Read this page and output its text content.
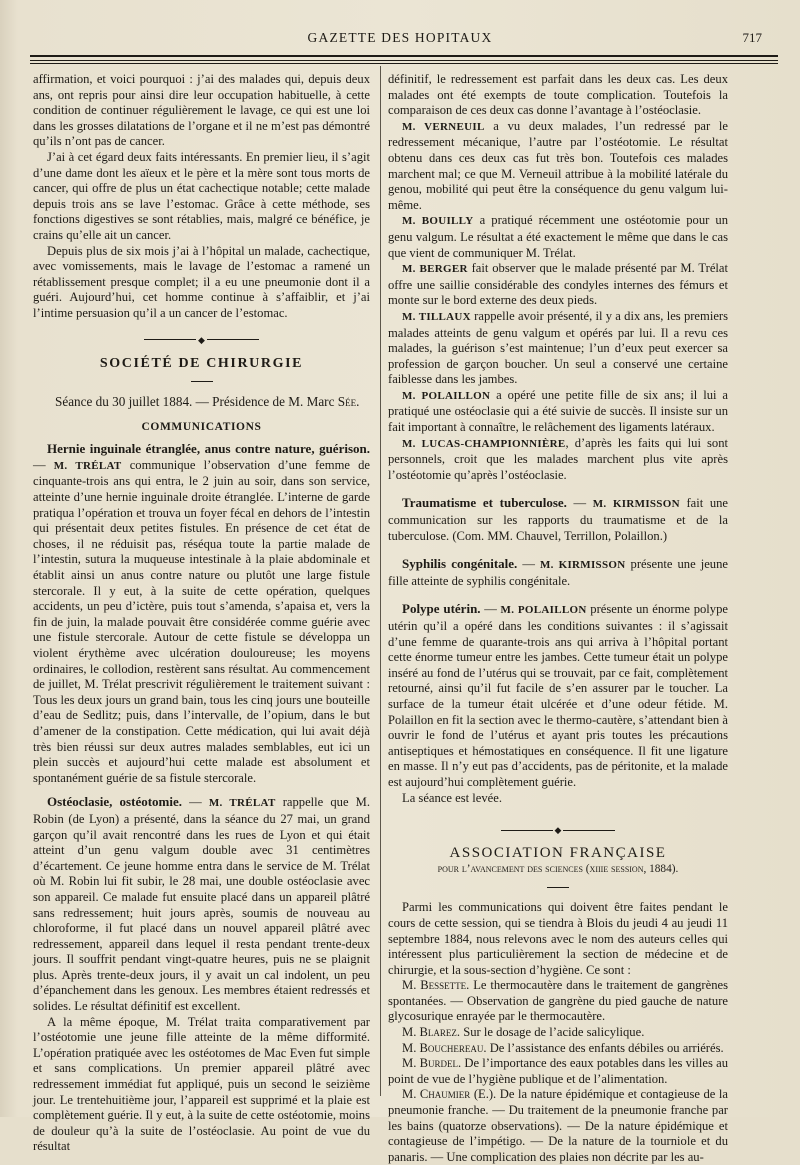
GAZETTE DES HOPITAUX	717

affirmation, et voici pourquoi : j’ai des malades qui, depuis deux ans, ont repris pour ainsi dire leur occupation habituelle, à cette condition de continuer régulièrement le lavage, ce qui est une loi dans les grosses dilatations de l’organe et il ne m’est pas démontré qu’ils n’ont pas de cancer.

J’ai à cet égard deux faits intéressants. En premier lieu, il s’agit d’une dame dont les aïeux et le père et la mère sont tous morts de cancer, qui offre de plus un état cachectique notable; cette malade depuis trois ans se lave l’estomac. Grâce à cette méthode, ses fonctions digestives se sont rétablies, mais, malgré ce bénéfice, je crains qu’elle ait un cancer.

Depuis plus de six mois j’ai à l’hôpital un malade, cachectique, avec vomissements, mais le lavage de l’estomac a ramené un rétablissement presque complet; il a eu une pneumonie dont il a guéri. Aujourd’hui, cet homme continue à s’affaiblir, et j’ai l’intime persuasion qu’il a un cancer de l’estomac.

◆

SOCIÉTÉ DE CHIRURGIE

Séance du 30 juillet 1884. — Présidence de M. Marc Sée.

COMMUNICATIONS

Hernie inguinale étranglée, anus contre nature, guérison. — M. TRÉLAT communique l’observation d’une femme de cinquante-trois ans qui entra, le 2 juin au soir, dans son service, atteinte d’une hernie inguinale droite étranglée. L’interne de garde pratiqua l’opération et trouva un foyer fécal en dehors de l’intestin qui présentait deux petites fistules. En présence de cet état de choses, il ne réduisit pas, réséqua toute la partie malade de l’intestin, sutura la muqueuse intestinale à la plaie abdominale et établit ainsi un anus contre nature ou plutôt une large fistule stercorale. Il y eut, à la suite de cette opération, quelques accidents, un peu d’ictère, puis tout s’amenda, s’apaisa et, vers la fin de juin, la malade pouvait être considérée comme guérie avec une fistule stercorale. Autour de cette fistule se développa un violent érythème avec ulcération douloureuse; les moyens ordinaires, le collodion, restèrent sans résultat. Au commencement de juillet, M. Trélat prescrivit régulièrement le traitement suivant : Tous les deux jours un grand bain, tous les cinq jours une bouteille d’eau de Sedlitz; puis, dans l’intervalle, de l’opium, dans le but d’amener de la constipation. Cette médication, qui lui avait déjà très bien réussi sur deux autres malades semblables, eut ici un plein succès et aujourd’hui cette malade est absolument et spontanément guérie de sa fistule stercorale.

Ostéoclasie, ostéotomie. — M. TRÉLAT rappelle que M. Robin (de Lyon) a présenté, dans la séance du 27 mai, un grand garçon qu’il avait rencontré dans les rues de Lyon et qui était atteint d’un genu valgum double avec 31 centimètres d’écartement. Ce jeune homme entra dans le service de M. Trélat où M. Robin lui fit subir, le 28 mai, une double ostéoclasie avec son appareil. Ce malade fut ensuite placé dans un appareil plâtré sans redressement; huit jours après, soumis de nouveau au chloroforme, il fut placé dans un nouvel appareil plâtré avec redressement, appareil dans lequel il resta pendant trente-deux jours. Il souffrit pendant vingt-quatre heures, puis ne se plaignit plus. Après trente-deux jours, il y avait un cal indolent, un peu d’épanchement dans les genoux. Les membres étaient redressés et solides. Le résultat définitif est excellent.

A la même époque, M. Trélat traita comparativement par l’ostéotomie une jeune fille atteinte de la même difformité. L’opération pratiquée avec les ostéotomes de Mac Even fut simple et sans complications. Un premier appareil plâtré avec redressement immédiat fut appliqué, puis un second le seizième jour. Le trentehuitième jour, l’appareil est supprimé et la plaie est complètement guérie. Il y eut, à la suite de cette ostéotomie, moins de douleur qu’à la suite de l’ostéoclasie. Au point de vue du résultat

définitif, le redressement est parfait dans les deux cas. Les deux malades ont été exempts de toute complication. Toutefois la comparaison de ces deux cas donne l’avantage à l’ostéoclasie.

M. VERNEUIL a vu deux malades, l’un redressé par le redressement mécanique, l’autre par l’ostéotomie. Le résultat obtenu dans ces deux cas fut très bon. Toutefois ces malades marchent mal; ce que M. Verneuil attribue à la mobilité latérale du genou, mobilité qui peut être la conséquence du genu valgum lui-même.

M. BOUILLY a pratiqué récemment une ostéotomie pour un genu valgum. Le résultat a été exactement le même que dans le cas que vient de communiquer M. Trélat.

M. BERGER fait observer que le malade présenté par M. Trélat offre une saillie considérable des condyles internes des fémurs et monte sur le bord externe des deux pieds.

M. TILLAUX rappelle avoir présenté, il y a dix ans, les premiers malades atteints de genu valgum et opérés par lui. Il a revu ces malades, la guérison s’est maintenue; l’un d’eux peut exercer sa profession de garçon boucher. Un seul a conservé une certaine faiblesse dans les jambes.

M. POLAILLON a opéré une petite fille de six ans; il lui a pratiqué une ostéoclasie qui a été suivie de succès. Il insiste sur un fait important à connaître, le relâchement des ligaments latéraux.

M. LUCAS-CHAMPIONNIÈRE, d’après les faits qui lui sont personnels, croit que les malades marchent plus vite après l’ostéotomie qu’après l’ostéoclasie.

Traumatisme et tuberculose. — M. KIRMISSON fait une communication sur les rapports du traumatisme et de la tuberculose. (Com. MM. Chauvel, Terrillon, Polaillon.)

Syphilis congénitale. — M. KIRMISSON présente une jeune fille atteinte de syphilis congénitale.

Polype utérin. — M. POLAILLON présente un énorme polype utérin qu’il a opéré dans les conditions suivantes : il s’agissait d’une femme de quarante-trois ans qui arriva à l’hôpital portant cette énorme tumeur entre les jambes. Cette tumeur était un polype inséré au fond de l’utérus qui se trouvait, par ce fait, complètement retourné, ainsi qu’il fut facile de s’en assurer par le toucher. La surface de la tumeur était ulcérée et d’une odeur fétide. M. Polaillon en fit la section avec le thermo-cautère, s’attendant bien à ouvrir le fond de l’utérus et ayant pris toutes les précautions antiseptiques et hémostatiques en conséquence. Il fit une ligature en masse. Il n’y eut pas d’accidents, pas de péritonite, et la malade est aujourd’hui complètement guérie.

La séance est levée.

◆

ASSOCIATION FRANÇAISE

pour l’avancement des sciences (xiiie session, 1884).

Parmi les communications qui doivent être faites pendant le cours de cette session, qui se tiendra à Blois du jeudi 4 au jeudi 11 septembre 1884, nous relevons avec le nom des auteurs celles qui intéressent plus particulièrement la section de médecine et de chirurgie, et la sous-section d’hygiène. Ce sont :

M. Bessette. Le thermocautère dans le traitement de gangrènes spontanées. — Observation de gangrène du pied gauche de nature glycosurique enrayée par le thermocautère.

M. Blarez. Sur le dosage de l’acide salicylique.

M. Bouchereau. De l’assistance des enfants débiles ou arriérés.

M. Burdel. De l’importance des eaux potables dans les villes au point de vue de l’hygiène publique et de l’alimentation.

M. Chaumier (E.). De la nature épidémique et contagieuse de la pneumonie franche. — Du traitement de la pneumonie franche par les bains (quatorze observations). — De la nature épidémique et contagieuse de l’impétigo. — De la nature de la tourniole et du panaris. — Une complication des plaies non décrite par les au-
